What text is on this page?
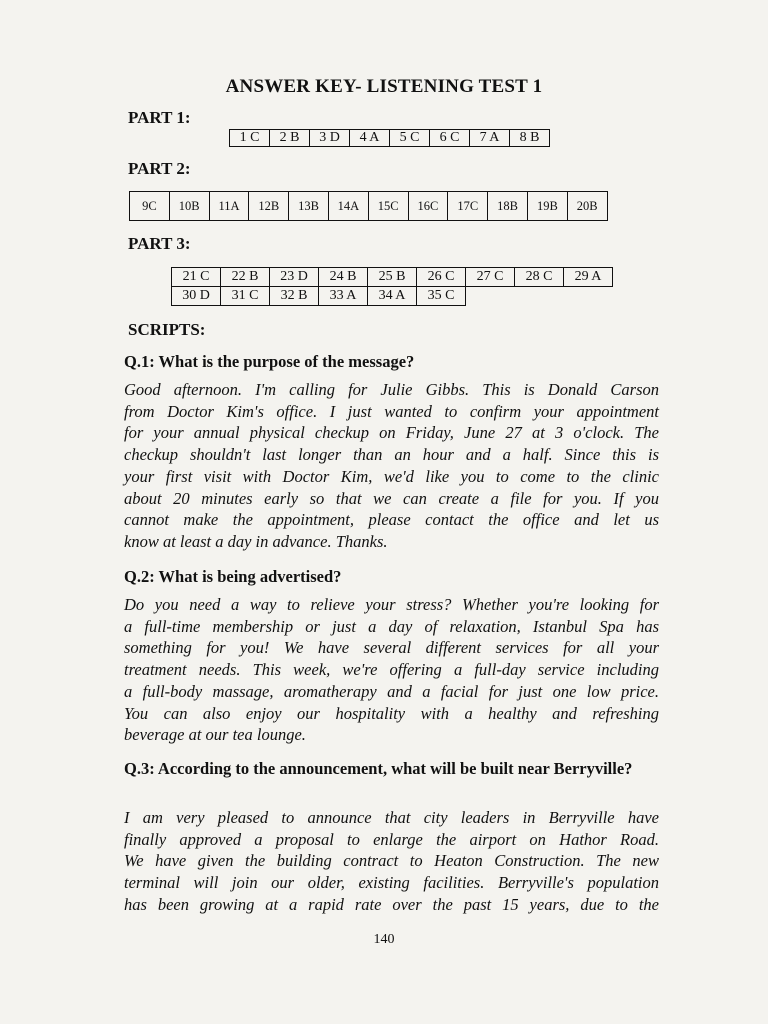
ANSWER KEY- LISTENING TEST 1
PART 1:
1 C	2 B	3 D	4 A	5 C	6 C	7 A	8 B
PART 2:
9C	10B	11A	12B	13B	14A	15C	16C	17C	18B	19B	20B
PART 3:
21 C	22 B	23 D	24 B	25 B	26 C	27 C	28 C	29 A
30 D	31 C	32 B	33 A	34 A	35 C			
SCRIPTS:
Q.1: What is the purpose of the message?
Good afternoon. I'm calling for Julie Gibbs. This is Donald Carson
from Doctor Kim's office. I just wanted to confirm your appointment
for your annual physical checkup on Friday, June 27 at 3 o'clock. The
checkup shouldn't last longer than an hour and a half. Since this is
your first visit with Doctor Kim, we'd like you to come to the clinic
about 20 minutes early so that we can create a file for you. If you
cannot make the appointment, please contact the office and let us
know at least a day in advance. Thanks.
Q.2: What is being advertised?
Do you need a way to relieve your stress? Whether you're looking for
a full-time membership or just a day of relaxation, Istanbul Spa has
something for you! We have several different services for all your
treatment needs. This week, we're offering a full-day service including
a full-body massage, aromatherapy and a facial for just one low price.
You can also enjoy our hospitality with a healthy and refreshing
beverage at our tea lounge.
Q.3: According to the announcement, what will be built near Berryville?
I am very pleased to announce that city leaders in Berryville have
finally approved a proposal to enlarge the airport on Hathor Road.
We have given the building contract to Heaton Construction. The new
terminal will join our older, existing facilities. Berryville's population
has been growing at a rapid rate over the past 15 years, due to the
140
